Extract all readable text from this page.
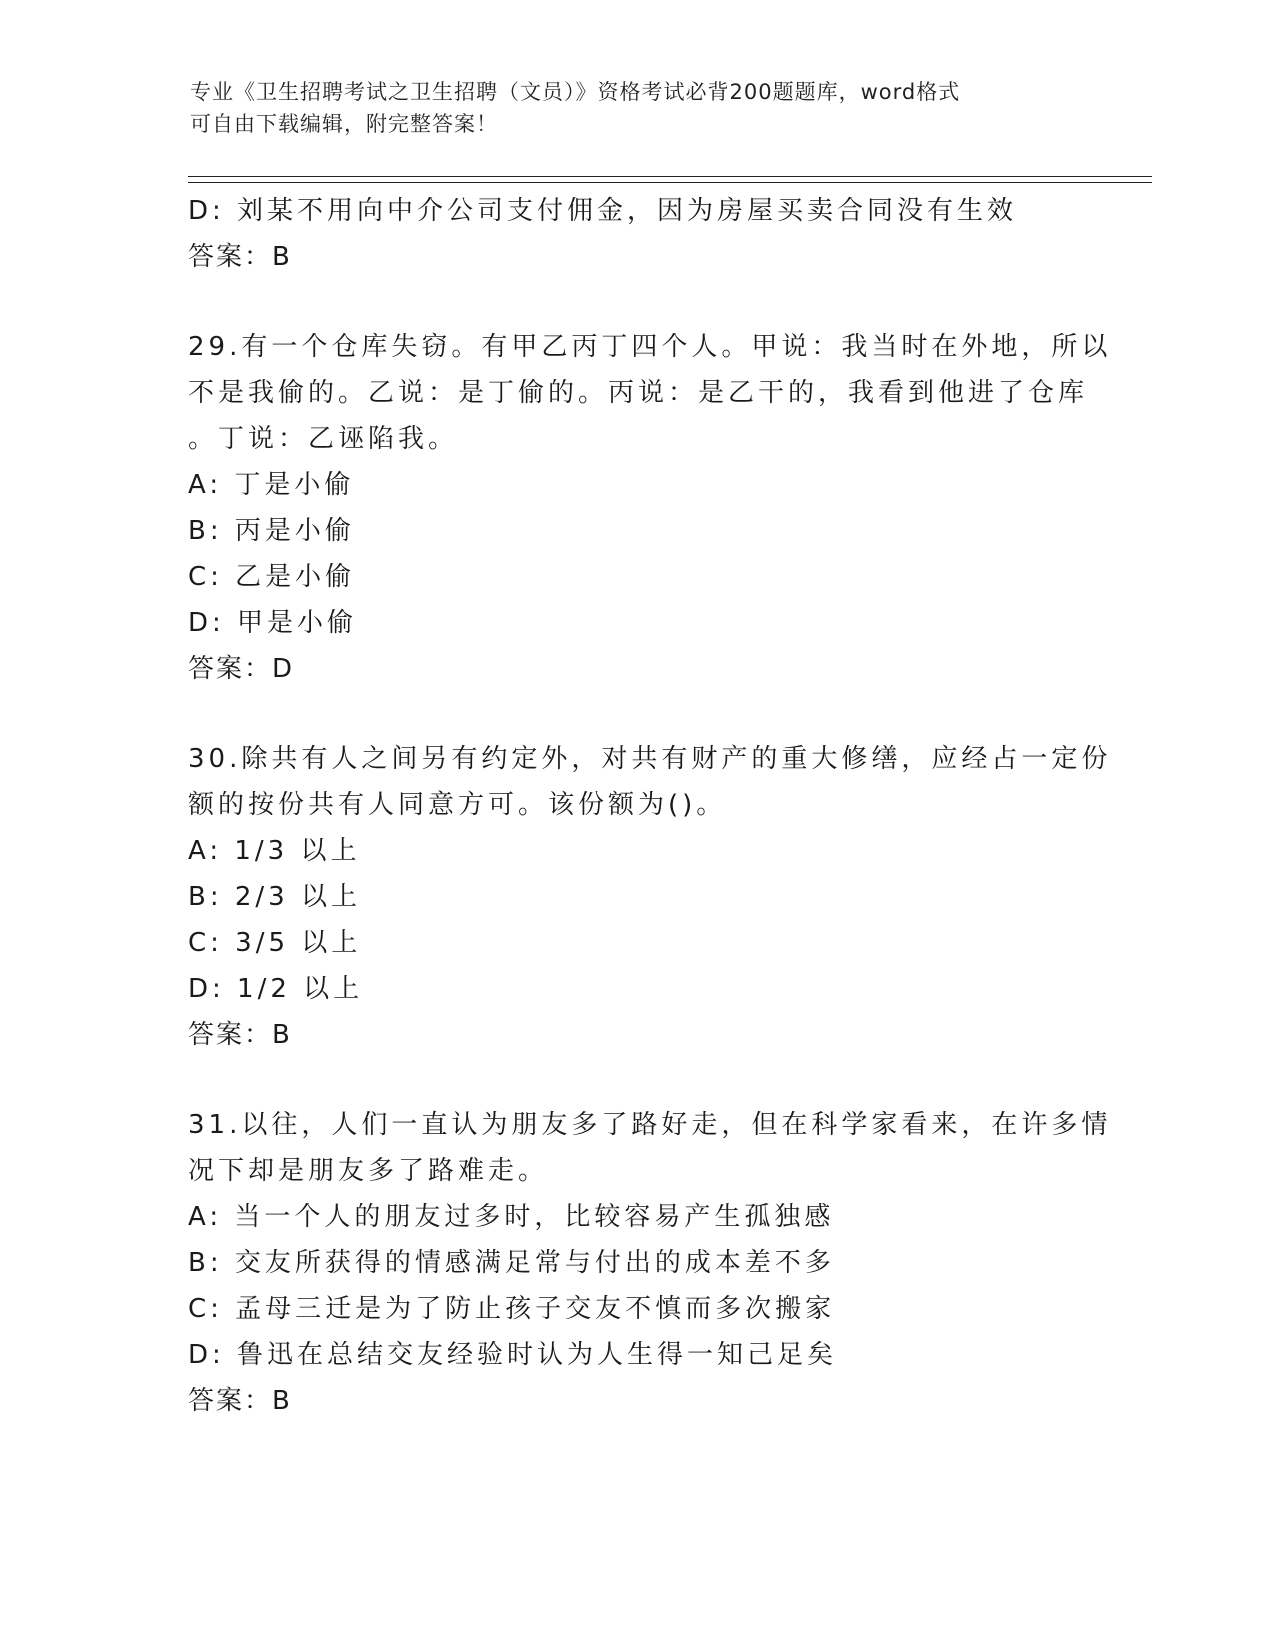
专业《卫生招聘考试之卫生招聘（文员）》资格考试必背200题题库，word格式
可自由下载编辑，附完整答案！
D: 刘某不用向中介公司支付佣金，因为房屋买卖合同没有生效
答案：B
29.有一个仓库失窃。有甲乙丙丁四个人。甲说：我当时在外地，所以
不是我偷的。乙说：是丁偷的。丙说：是乙干的，我看到他进了仓库
。丁说：乙诬陷我。
A: 丁是小偷
B: 丙是小偷
C: 乙是小偷
D: 甲是小偷
答案：D
30.除共有人之间另有约定外，对共有财产的重大修缮，应经占一定份
额的按份共有人同意方可。该份额为()。
A: 1/3 以上
B: 2/3 以上
C: 3/5 以上
D: 1/2 以上
答案：B
31.以往，人们一直认为朋友多了路好走，但在科学家看来，在许多情
况下却是朋友多了路难走。
A: 当一个人的朋友过多时，比较容易产生孤独感
B: 交友所获得的情感满足常与付出的成本差不多
C: 孟母三迁是为了防止孩子交友不慎而多次搬家
D: 鲁迅在总结交友经验时认为人生得一知己足矣
答案：B
